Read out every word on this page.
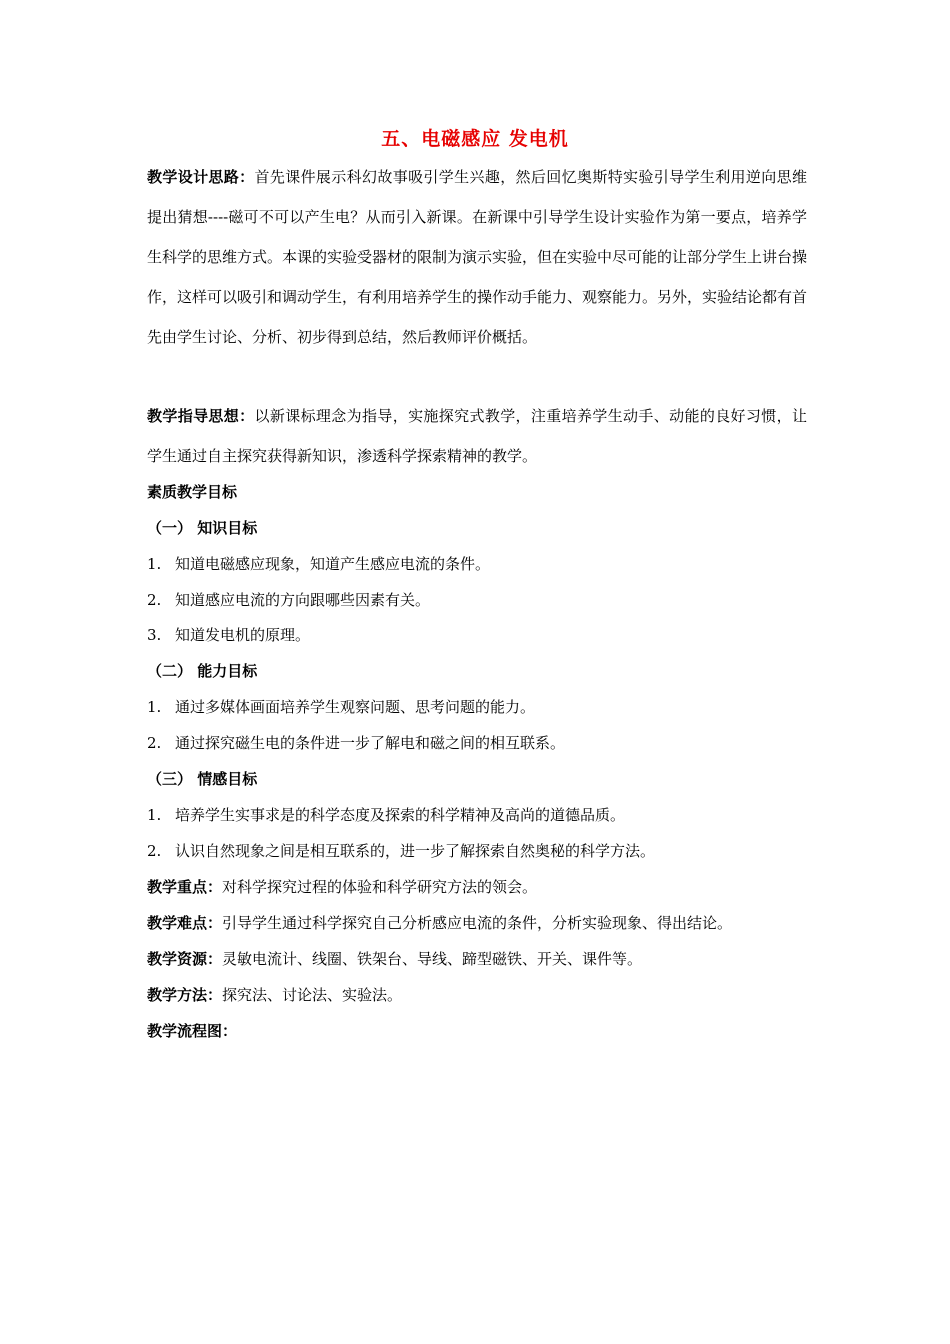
五、电磁感应 发电机
教学设计思路：首先课件展示科幻故事吸引学生兴趣，然后回忆奥斯特实验引导学生利用逆向思维提出猜想----磁可不可以产生电？从而引入新课。在新课中引导学生设计实验作为第一要点，培养学生科学的思维方式。本课的实验受器材的限制为演示实验，但在实验中尽可能的让部分学生上讲台操作，这样可以吸引和调动学生，有利用培养学生的操作动手能力、观察能力。另外，实验结论都有首先由学生讨论、分析、初步得到总结，然后教师评价概括。
教学指导思想：以新课标理念为指导，实施探究式教学，注重培养学生动手、动能的良好习惯，让学生通过自主探究获得新知识，渗透科学探索精神的教学。
素质教学目标
（一） 知识目标
1. 知道电磁感应现象，知道产生感应电流的条件。
2. 知道感应电流的方向跟哪些因素有关。
3. 知道发电机的原理。
（二） 能力目标
1. 通过多媒体画面培养学生观察问题、思考问题的能力。
2. 通过探究磁生电的条件进一步了解电和磁之间的相互联系。
（三） 情感目标
1. 培养学生实事求是的科学态度及探索的科学精神及高尚的道德品质。
2. 认识自然现象之间是相互联系的，进一步了解探索自然奥秘的科学方法。
教学重点：对科学探究过程的体验和科学研究方法的领会。
教学难点：引导学生通过科学探究自己分析感应电流的条件，分析实验现象、得出结论。
教学资源：灵敏电流计、线圈、铁架台、导线、蹄型磁铁、开关、课件等。
教学方法：探究法、讨论法、实验法。
教学流程图：
